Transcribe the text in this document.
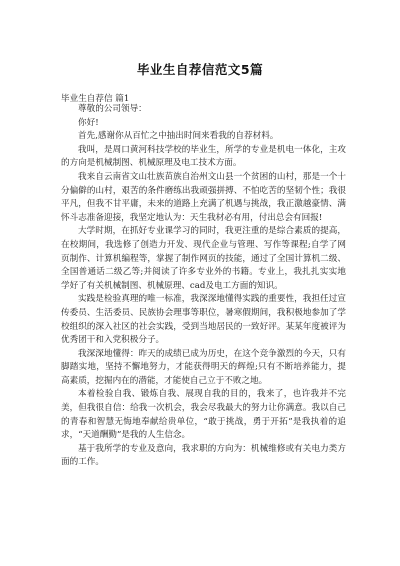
毕业生自荐信范文5篇
毕业生自荐信 篇1

尊敬的公司领导：

你好!

首先,感谢你从百忙之中抽出时间来看我的自荐材料。

我叫，是周口黄河科技学校的毕业生，所学的专业是机电一体化，主攻的方向是机械制图、机械原理及电工技术方面。

我来自云南省文山壮族苗族自治州文山县一个贫困的山村，那是一个十分偏僻的山村，艰苦的条件磨练出我顽强拼搏、不怕吃苦的坚韧个性；我很平凡，但我不甘平庸，未来的道路上充满了机遇与挑战，我正激越豪情、满怀斗志准备迎接，我坚定地认为：天生我材必有用，付出总会有回报!

大学时期，在抓好专业课学习的同时，我更注重的是综合素质的提高，在校期间，我选修了创造力开发、现代企业与管理、写作等课程;自学了网页制作、计算机编程等，掌握了制作网页的技能，通过了全国计算机二级、全国普通话二级乙等;并阅读了许多专业外的书籍。专业上，我扎扎实实地学好了有关机械制图、机械原理、cad及电工方面的知识。

实践是检验真理的唯一标准，我深深地懂得实践的重要性，我担任过宣传委员、生活委员、民族协会理事等职位，暑寒假期间，我积极地参加了学校组织的深入社区的社会实践，受到当地居民的一致好评。某某年度被评为优秀团干和入党积极分子。

我深深地懂得：昨天的成绩已成为历史，在这个竞争激烈的今天，只有脚踏实地，坚持不懈地努力，才能获得明天的辉煌;只有不断培养能力，提高素质，挖掘内在的潜能，才能使自己立于不败之地。

本着检验自我、锻炼自我、展现自我的目的，我来了，也许我并不完美，但我很自信：给我一次机会，我会尽我最大的努力让你满意。我以自己的青春和智慧无悔地奉献给贵单位，“敢于挑战，勇于开拓”是我执着的追求，“天道酬勤”是我的人生信念。

基于我所学的专业及意向，我求职的方向为：机械维修或有关电力类方面的工作。
